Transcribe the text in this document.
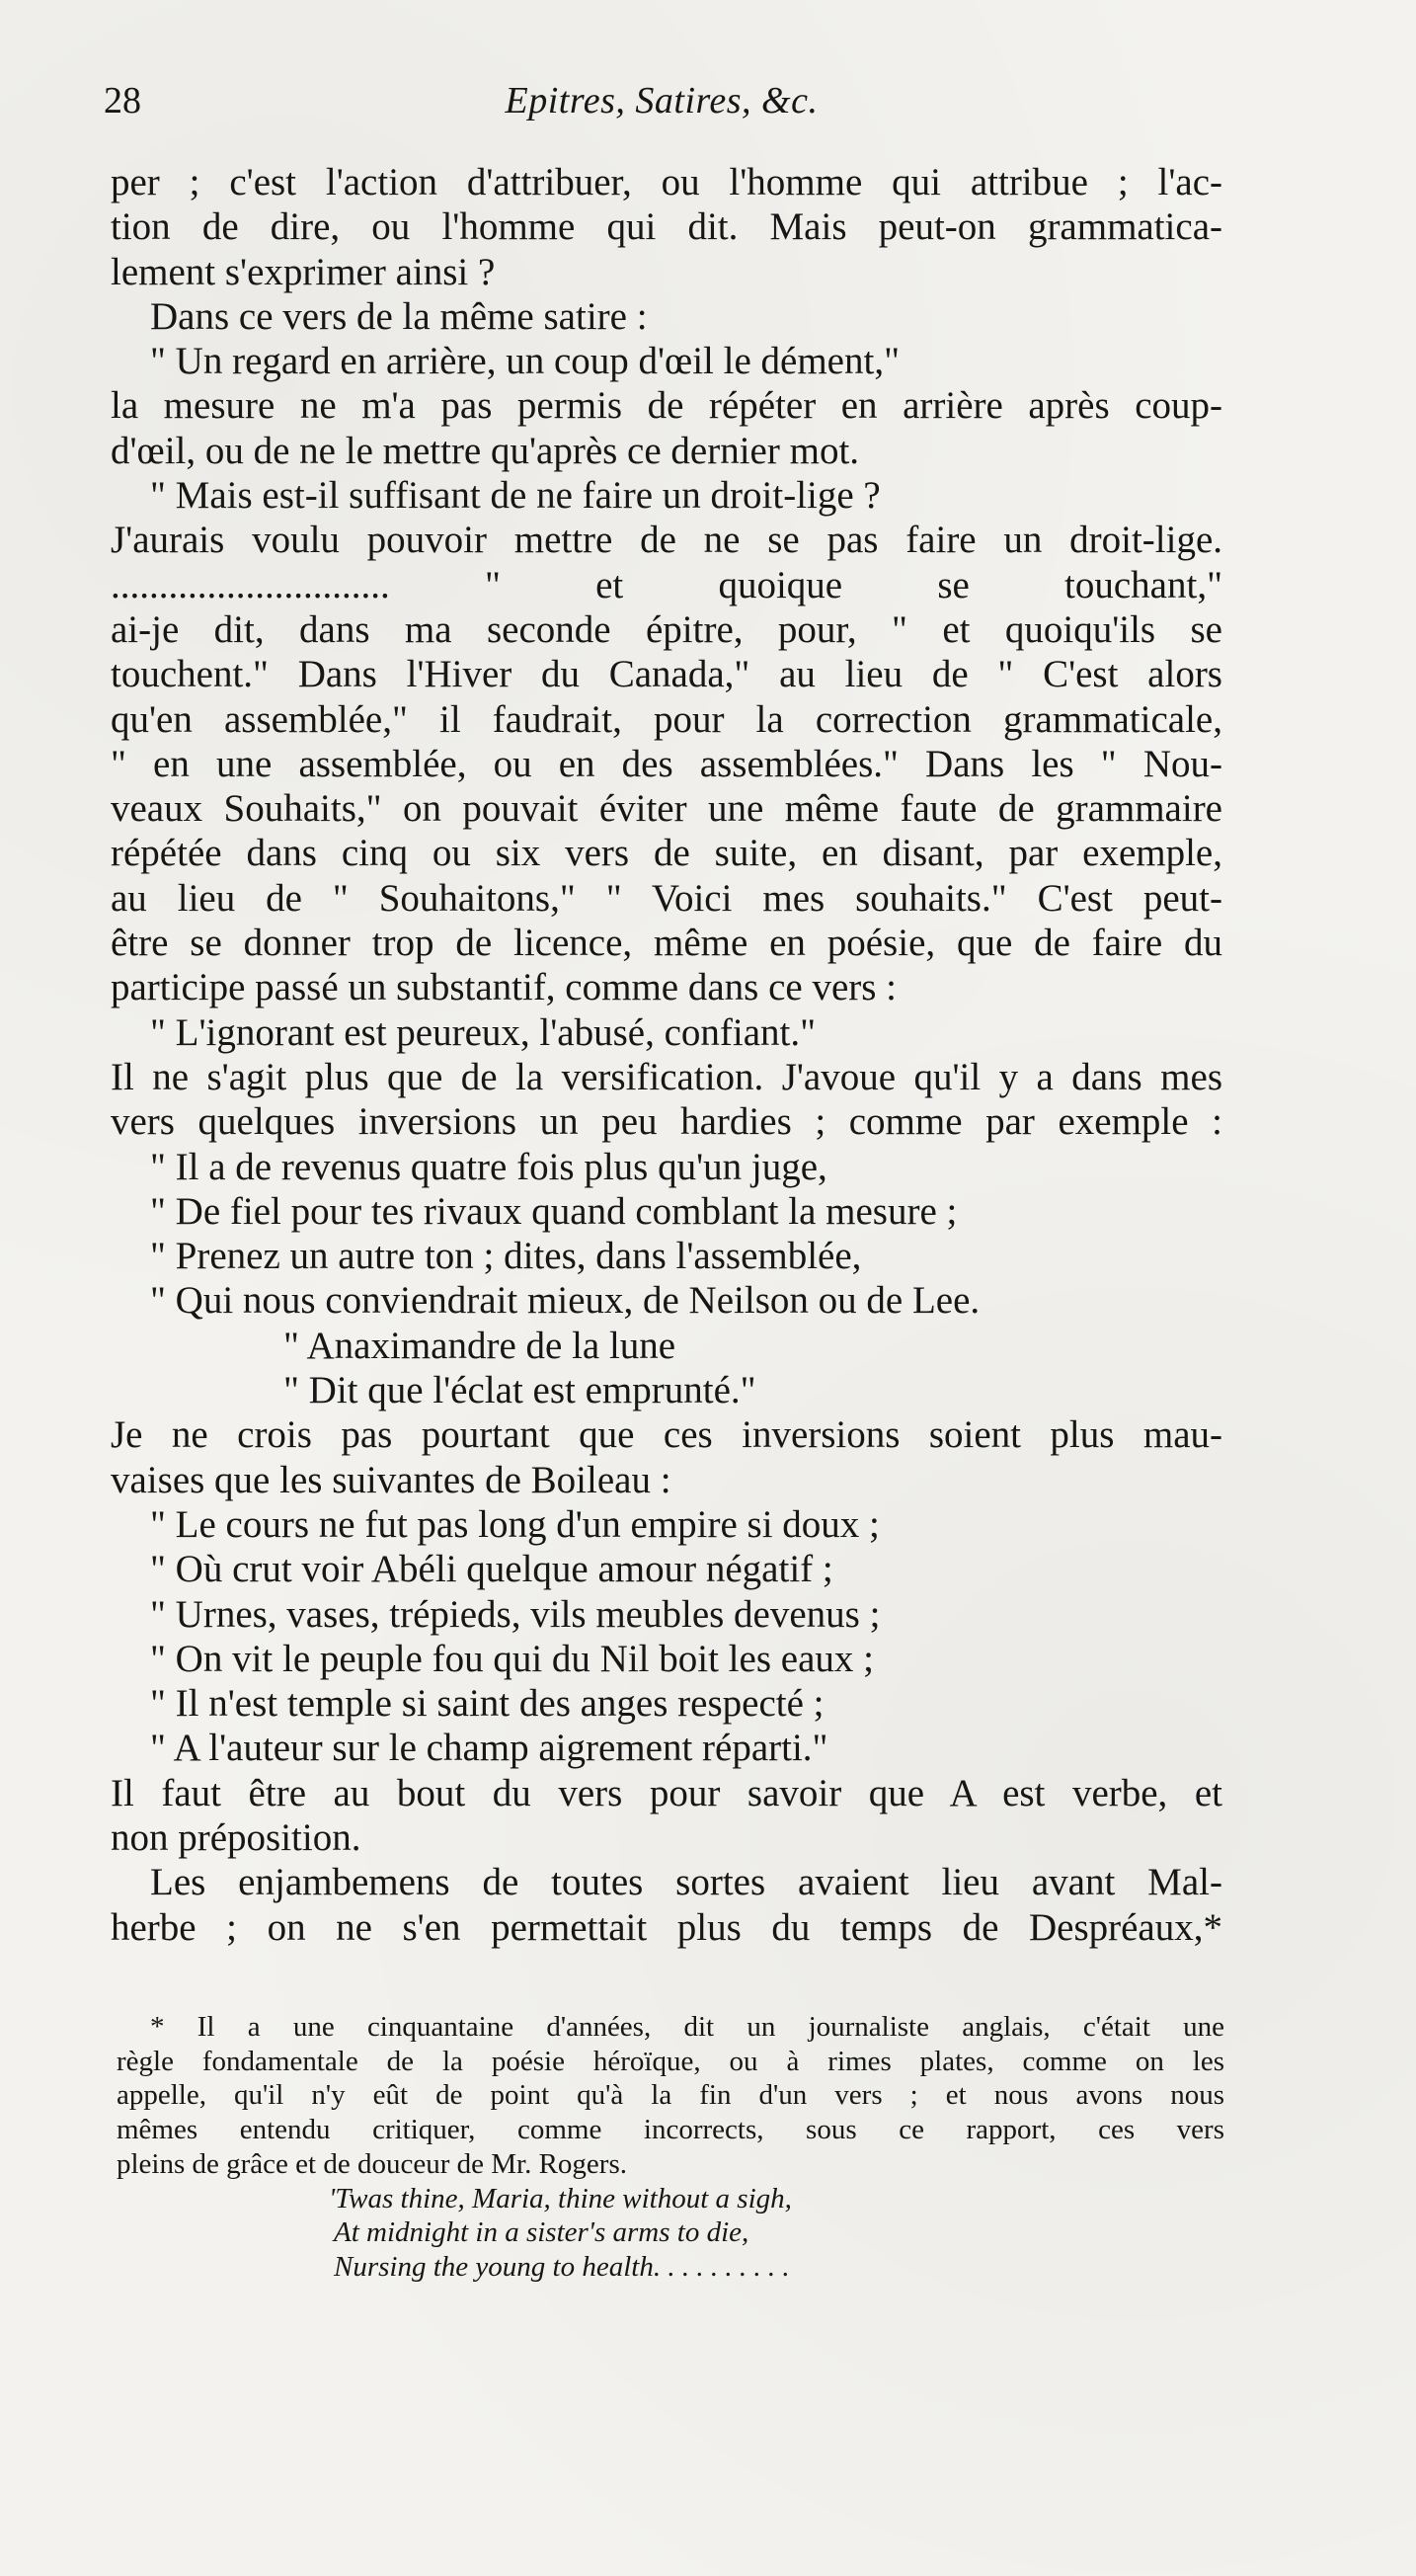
28	Epitres, Satires, &c.
per ; c'est l'action d'attribuer, ou l'homme qui attribue ; l'ac-
tion de dire, ou l'homme qui dit. Mais peut-on grammatica-
lement s'exprimer ainsi ?
Dans ce vers de la même satire :
" Un regard en arrière, un coup d'œil le dément,"
la mesure ne m'a pas permis de répéter en arrière après coup-
d'œil, ou de ne le mettre qu'après ce dernier mot.
" Mais est-il suffisant de ne faire un droit-lige ?
J'aurais voulu pouvoir mettre de ne se pas faire un droit-lige.
............................. " et quoique se touchant,"
ai-je dit, dans ma seconde épitre, pour, " et quoiqu'ils se
touchent." Dans l'Hiver du Canada," au lieu de " C'est alors
qu'en assemblée," il faudrait, pour la correction grammaticale,
" en une assemblée, ou en des assemblées." Dans les " Nou-
veaux Souhaits," on pouvait éviter une même faute de grammaire
répétée dans cinq ou six vers de suite, en disant, par exemple,
au lieu de " Souhaitons," " Voici mes souhaits." C'est peut-
être se donner trop de licence, même en poésie, que de faire du
participe passé un substantif, comme dans ce vers :
" L'ignorant est peureux, l'abusé, confiant."
Il ne s'agit plus que de la versification. J'avoue qu'il y a dans mes
vers quelques inversions un peu hardies ; comme par exemple :
" Il a de revenus quatre fois plus qu'un juge,
" De fiel pour tes rivaux quand comblant la mesure ;
" Prenez un autre ton ; dites, dans l'assemblée,
" Qui nous conviendrait mieux, de Neilson ou de Lee.
" Anaximandre de la lune
" Dit que l'éclat est emprunté."
Je ne crois pas pourtant que ces inversions soient plus mau-
vaises que les suivantes de Boileau :
" Le cours ne fut pas long d'un empire si doux ;
" Où crut voir Abéli quelque amour négatif ;
" Urnes, vases, trépieds, vils meubles devenus ;
" On vit le peuple fou qui du Nil boit les eaux ;
" Il n'est temple si saint des anges respecté ;
" A l'auteur sur le champ aigrement réparti."
Il faut être au bout du vers pour savoir que A est verbe, et
non préposition.
Les enjambemens de toutes sortes avaient lieu avant Mal-
herbe ; on ne s'en permettait plus du temps de Despréaux,*
* Il a une cinquantaine d'années, dit un journaliste anglais, c'était une
règle fondamentale de la poésie héroïque, ou à rimes plates, comme on les
appelle, qu'il n'y eût de point qu'à la fin d'un vers ; et nous avons nous
mêmes entendu critiquer, comme incorrects, sous ce rapport, ces vers
pleins de grâce et de douceur de Mr. Rogers.
'Twas thine, Maria, thine without a sigh,
At midnight in a sister's arms to die,
Nursing the young to health. . . . . . . . . .
